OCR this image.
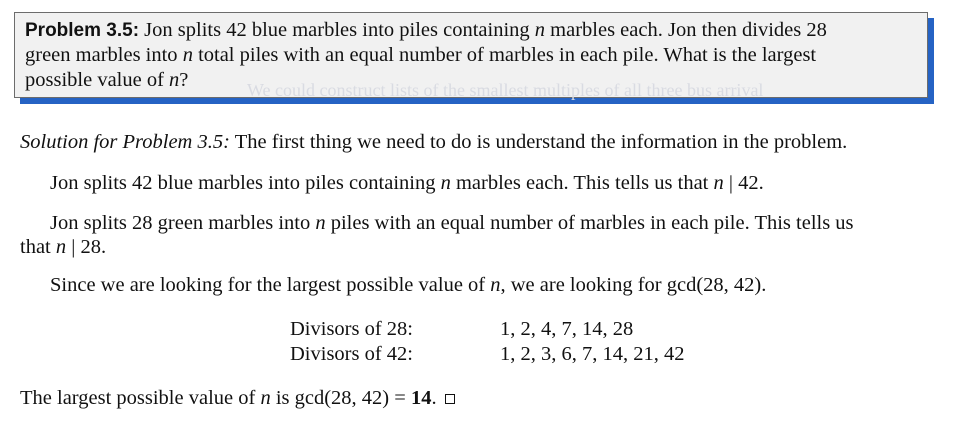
Problem 3.5: Jon splits 42 blue marbles into piles containing n marbles each. Jon then divides 28
green marbles into n total piles with an equal number of marbles in each pile. What is the largest
possible value of n?	We could construct lists of the smallest multiples of all three bus arrival
Solution for Problem 3.5: The first thing we need to do is understand the information in the problem.
Jon splits 42 blue marbles into piles containing n marbles each. This tells us that n | 42.
Jon splits 28 green marbles into n piles with an equal number of marbles in each pile. This tells us
that n | 28.
Since we are looking for the largest possible value of n, we are looking for gcd(28, 42).
Divisors of 28:	1, 2, 4, 7, 14, 28
Divisors of 42:	1, 2, 3, 6, 7, 14, 21, 42
The largest possible value of n is gcd(28, 42) = 14.
